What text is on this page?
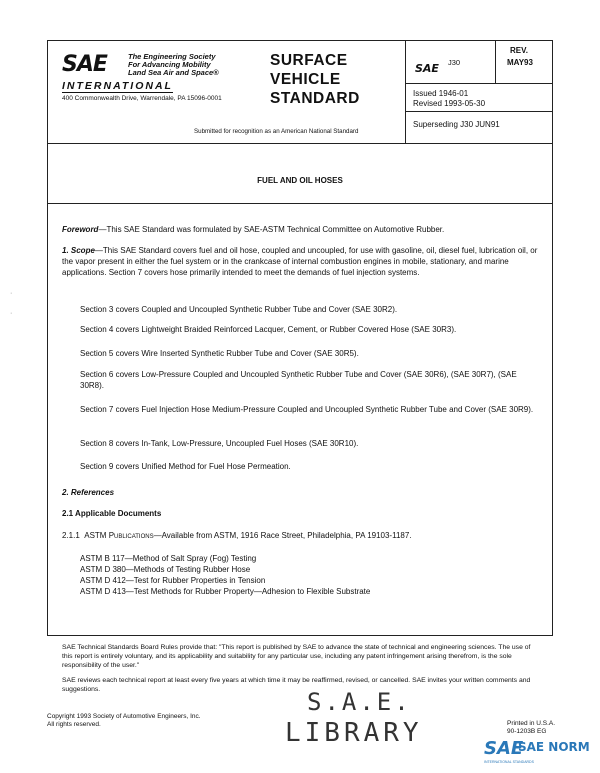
SAE	The Engineering Society
For Advancing Mobility
Land Sea Air and Space®
INTERNATIONAL
400 Commonwealth Drive, Warrendale, PA 15096-0001
SURFACE
VEHICLE
STANDARD
Submitted for recognition as an American National Standard
SAE J30
REV.
MAY93
Issued 1946-01
Revised 1993-05-30
Superseding J30 JUN91
FUEL AND OIL HOSES
Foreword—This SAE Standard was formulated by SAE-ASTM Technical Committee on Automotive Rubber.
1. Scope—This SAE Standard covers fuel and oil hose, coupled and uncoupled, for use with gasoline, oil, diesel fuel, lubrication oil, or the vapor present in either the fuel system or in the crankcase of internal combustion engines in mobile, stationary, and marine applications. Section 7 covers hose primarily intended to meet the demands of fuel injection systems.
Section 3 covers Coupled and Uncoupled Synthetic Rubber Tube and Cover (SAE 30R2).
Section 4 covers Lightweight Braided Reinforced Lacquer, Cement, or Rubber Covered Hose (SAE 30R3).
Section 5 covers Wire Inserted Synthetic Rubber Tube and Cover (SAE 30R5).
Section 6 covers Low-Pressure Coupled and Uncoupled Synthetic Rubber Tube and Cover (SAE 30R6), (SAE 30R7), (SAE 30R8).
Section 7 covers Fuel Injection Hose Medium-Pressure Coupled and Uncoupled Synthetic Rubber Tube and Cover (SAE 30R9).
Section 8 covers In-Tank, Low-Pressure, Uncoupled Fuel Hoses (SAE 30R10).
Section 9 covers Unified Method for Fuel Hose Permeation.
2. References
2.1 Applicable Documents
2.1.1 ASTM Publications—Available from ASTM, 1916 Race Street, Philadelphia, PA 19103-1187.
ASTM B 117—Method of Salt Spray (Fog) Testing
ASTM D 380—Methods of Testing Rubber Hose
ASTM D 412—Test for Rubber Properties in Tension
ASTM D 413—Test Methods for Rubber Property—Adhesion to Flexible Substrate
SAE Technical Standards Board Rules provide that: "This report is published by SAE to advance the state of technical and engineering sciences. The use of this report is entirely voluntary, and its applicability and suitability for any particular use, including any patent infringement arising therefrom, is the sole responsibility of the user."
SAE reviews each technical report at least every five years at which time it may be reaffirmed, revised, or cancelled. SAE invites your written comments and suggestions.
Copyright 1993 Society of Automotive Engineers, Inc.
All rights reserved.	Printed in U.S.A.
90-1203B EG
S.A.E.
LIBRARY
SAE
SAE NORM
INTERNATIONAL STANDARDS
·
·
